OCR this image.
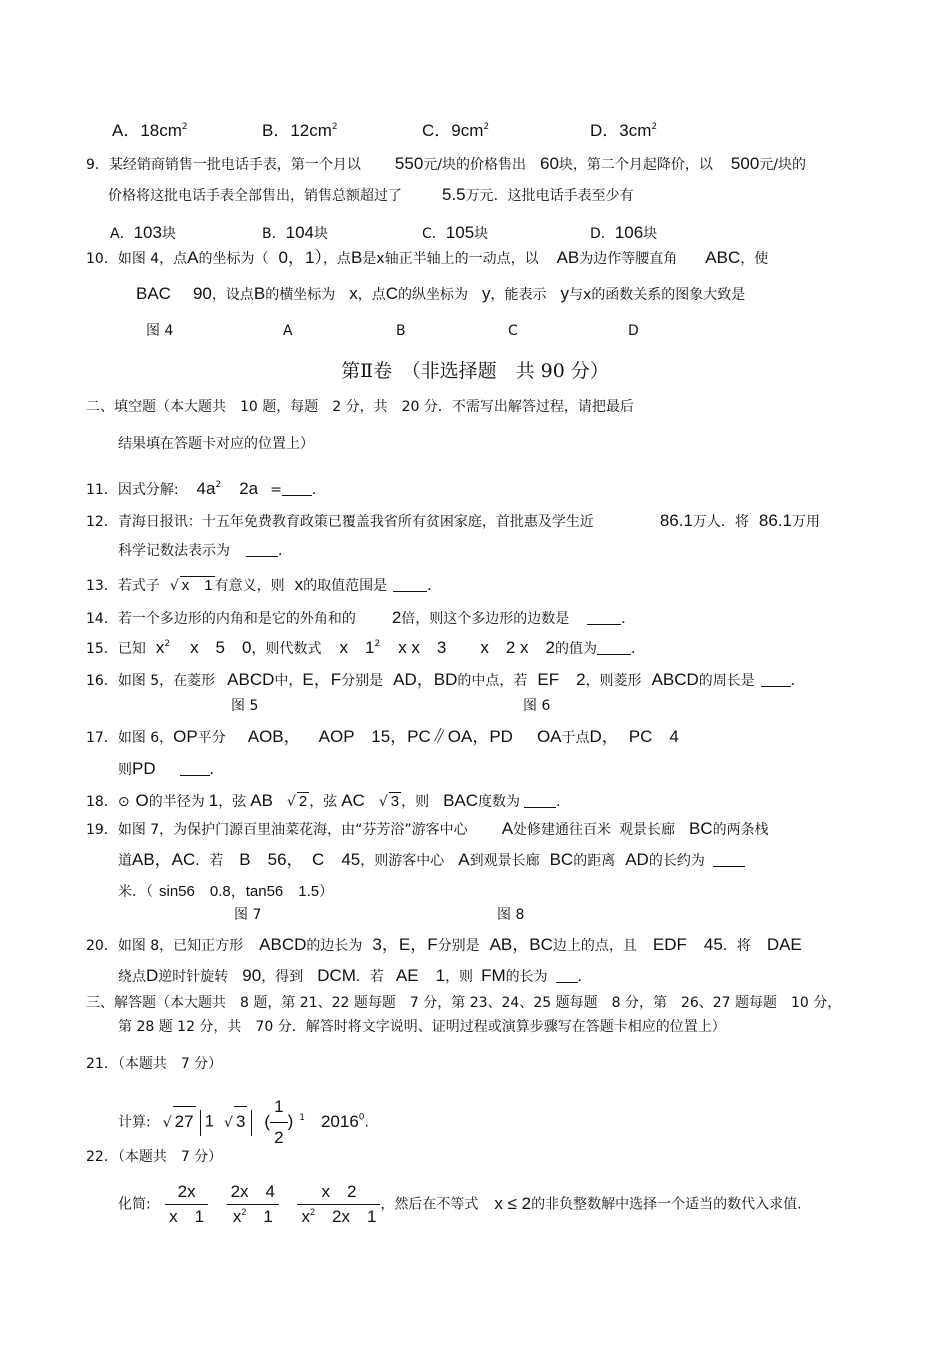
A．$18cm^2$	B．$12cm^2$	C．$9cm^2$	D．$3cm^2$
9．某经销商销售一批电话手表，第一个月以 550元/块的价格售出 60块，第二个月起降价，以 500元/块的
价格将这批电话手表全部售出，销售总额超过了 5.5万元．这批电话手表至少有
A．103块	B．104块	C．105块	D．106块
10．如图 4，点A的坐标为（ 0，1），点B是x轴正半轴上的一动点，以 AB为边作等腰直角 ABC，使
BAC 90，设点B的横坐标为 x，点C的纵坐标为 y，能表示 y与x的函数关系的图象大致是
图 4	A	B	C	D
第Ⅱ卷　（非选择题　共 90 分）
二、填空题（本大题共　10 题，每题　2 分，共　20 分．不需写出解答过程，请把最后
结果填在答题卡对应的位置上）
11．因式分解: $4a^2$ 2a = .
12．青海日报讯：十五年免费教育政策已覆盖我省所有贫困家庭，首批惠及学生近	86.1万人．将 86.1万用
科学记数法表示为	．
13．若式子 √ x　1 有意义，则 x的取值范围是	．
14．若一个多边形的内角和是它的外角和的 2倍，则这个多边形的边数是	．
15．已知 $x^2$ x　5　0，则代数式 x　$1^2$ x x　3　　x　2 x　2的值为 ．
16．如图 5，在菱形 ABCD中，E，F分别是 AD，BD的中点，若 EF　2，则菱形 ABCD的周长是	．
图 5	图 6
17．如图 6，OP平分 AOB， AOP　15，PC∥OA，PD OA于点D， PC　4
则PD	．
18．⊙ O的半径为 1，弦 AB √ 2 ，弦 AC √ 3 ，则 BAC度数为	．
19．如图 7，为保护门源百里油菜花海，由“芬芳浴”游客中心 A处修建通往百米 观景长廊 BC的两条栈
道AB，AC．若 B　56，　C　45，则游客中心 A到观景长廊 BC的距离 AD的长约为
米．（ sin56　0.8，tan56　1.5）
图 7	图 8
20．如图 8，已知正方形 ABCD的边长为 3，E，F分别是 AB，BC边上的点，且 EDF　45．将 DAE
绕点D逆时针旋转 90，得到 DCM．若 AE　1，则 FM的长为 ．
三、解答题（本大题共　8 题，第 21、22 题每题　7 分，第 23、24、25 题每题　8 分，第　26、27 题每题　10 分，
第 28 题 12 分，共　70 分．解答时将文字说明、证明过程或演算步骤写在答题卡相应的位置上）
21．（本题共　7 分）
计算: √ 27 1 √ 3 ( $\frac{1}{2}$ ) $^1$ 2016$^0$.
22．（本题共　7 分）
化简: $\frac{2x}{x 1}$
$\frac{2x 4}{x^2 1}$
$\frac{x 2}{x^2 2x 1}$ ，然后在不等式 x ≤ 2的非负整数解中选择一个适当的数代入求值.
